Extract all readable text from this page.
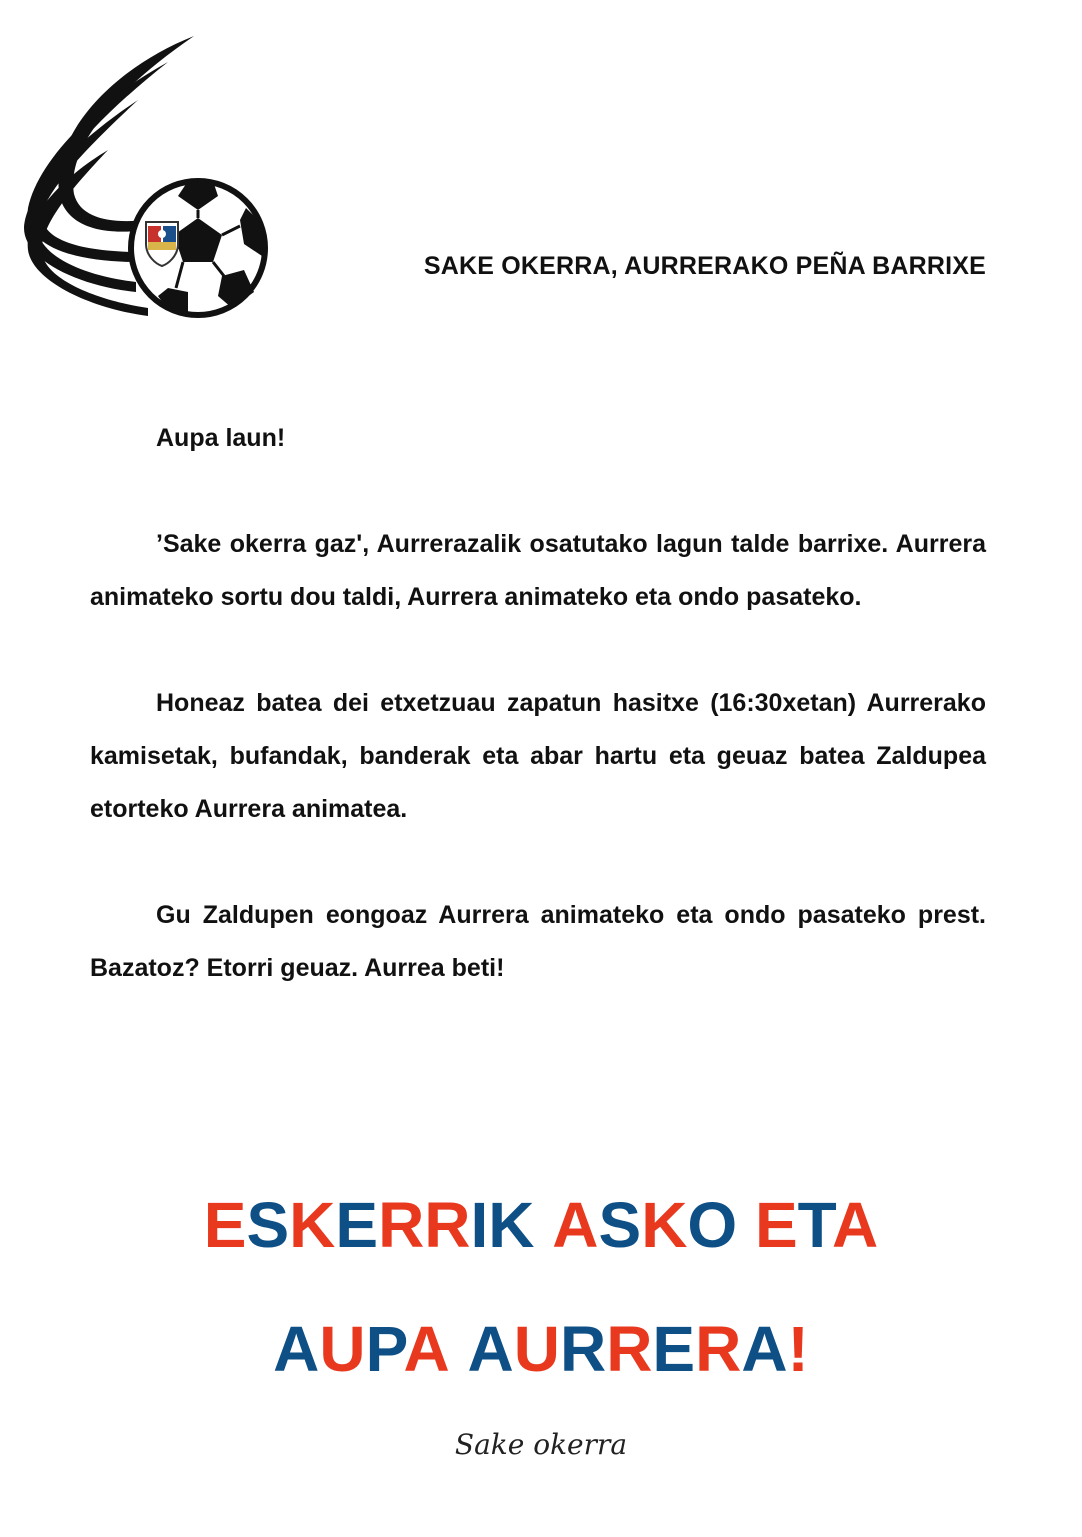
SAKE OKERRA, AURRERAKO PEÑA BARRIXE

Aupa laun!

’Sake okerra gaz', Aurrerazalik osatutako lagun talde barrixe. Aurrera animateko sortu dou taldi, Aurrera animateko eta ondo pasateko.

Honeaz batea dei etxetzuau zapatun hasitxe (16:30xetan) Aurrerako kamisetak, bufandak, banderak eta abar hartu eta geuaz batea Zaldupea etorteko Aurrera animatea.

Gu Zaldupen eongoaz Aurrera animateko eta ondo pasateko prest. Bazatoz? Etorri geuaz. Aurrea beti!

ESKERRIK ASKO ETA
AUPA AURRERA!
Sake okerra
